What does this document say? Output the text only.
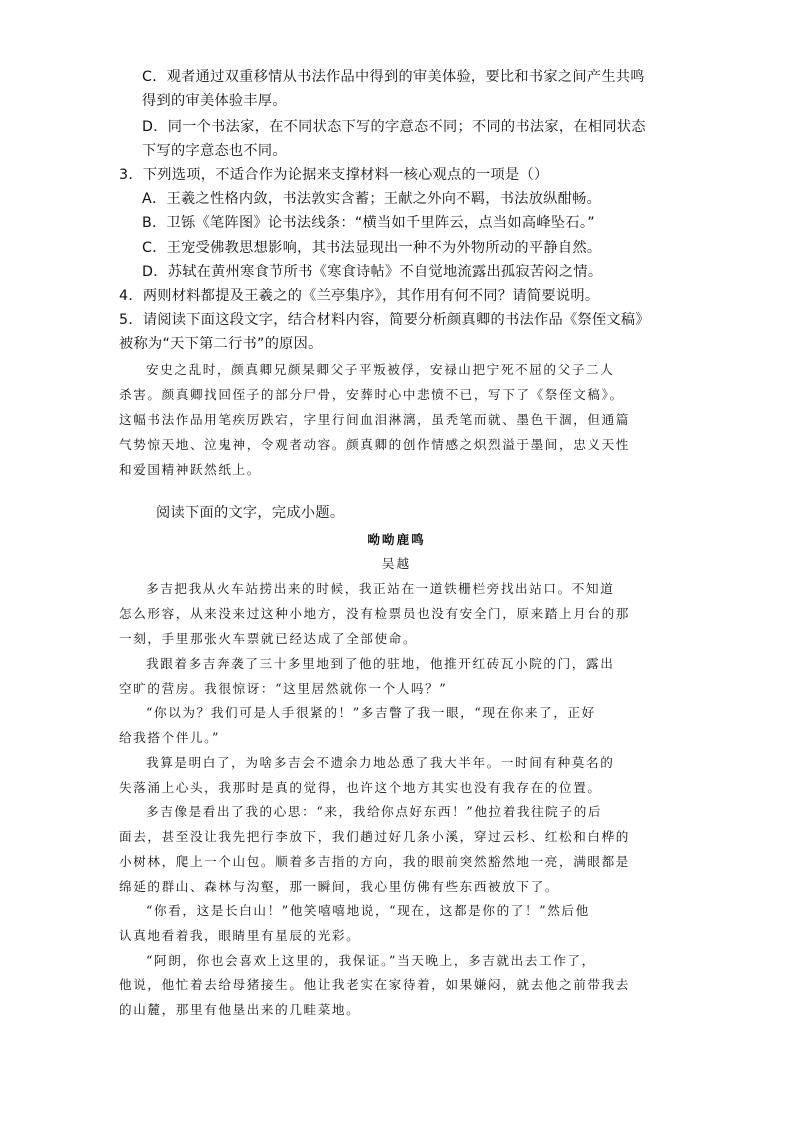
C．观者通过双重移情从书法作品中得到的审美体验，要比和书家之间产生共鸣
得到的审美体验丰厚。
D．同一个书法家，在不同状态下写的字意态不同；不同的书法家，在相同状态
下写的字意态也不同。
3．下列选项，不适合作为论据来支撑材料一核心观点的一项是（）
A．王羲之性格内敛，书法敦实含蓄；王献之外向不羁，书法放纵酣畅。
B．卫铄《笔阵图》论书法线条：“横当如千里阵云，点当如高峰坠石。”
C．王宠受佛教思想影响，其书法显现出一种不为外物所动的平静自然。
D．苏轼在黄州寒食节所书《寒食诗帖》不自觉地流露出孤寂苦闷之情。
4．两则材料都提及王羲之的《兰亭集序》，其作用有何不同？请简要说明。
5．请阅读下面这段文字，结合材料内容，简要分析颜真卿的书法作品《祭侄文稿》
被称为“天下第二行书”的原因。
安史之乱时，颜真卿兄颜杲卿父子平叛被俘，安禄山把宁死不屈的父子二人
杀害。颜真卿找回侄子的部分尸骨，安葬时心中悲愤不已，写下了《祭侄文稿》。
这幅书法作品用笔疾厉跌宕，字里行间血泪淋漓，虽秃笔而就、墨色干涸，但通篇
气势惊天地、泣鬼神，令观者动容。颜真卿的创作情感之炽烈溢于墨间，忠义天性
和爱国精神跃然纸上。
阅读下面的文字，完成小题。
呦呦鹿鸣
吴越
多吉把我从火车站捞出来的时候，我正站在一道铁栅栏旁找出站口。不知道
怎么形容，从来没来过这种小地方，没有检票员也没有安全门，原来踏上月台的那
一刻，手里那张火车票就已经达成了全部使命。
我跟着多吉奔袭了三十多里地到了他的驻地，他推开红砖瓦小院的门，露出
空旷的营房。我很惊讶：“这里居然就你一个人吗？”
“你以为？我们可是人手很紧的！”多吉瞥了我一眼，“现在你来了，正好
给我搭个伴儿。”
我算是明白了，为啥多吉会不遗余力地怂恿了我大半年。一时间有种莫名的
失落涌上心头，我那时是真的觉得，也许这个地方其实也没有我存在的位置。
多吉像是看出了我的心思：“来，我给你点好东西！”他拉着我往院子的后
面去，甚至没让我先把行李放下，我们趟过好几条小溪，穿过云杉、红松和白桦的
小树林，爬上一个山包。顺着多吉指的方向，我的眼前突然豁然地一亮，满眼都是
绵延的群山、森林与沟壑，那一瞬间，我心里仿佛有些东西被放下了。
“你看，这是长白山！”他笑嘻嘻地说，“现在，这都是你的了！”然后他
认真地看着我，眼睛里有星辰的光彩。
“阿朗，你也会喜欢上这里的，我保证。”当天晚上，多吉就出去工作了，
他说，他忙着去给母猪接生。他让我老实在家待着，如果嫌闷，就去他之前带我去
的山麓，那里有他垦出来的几畦菜地。
